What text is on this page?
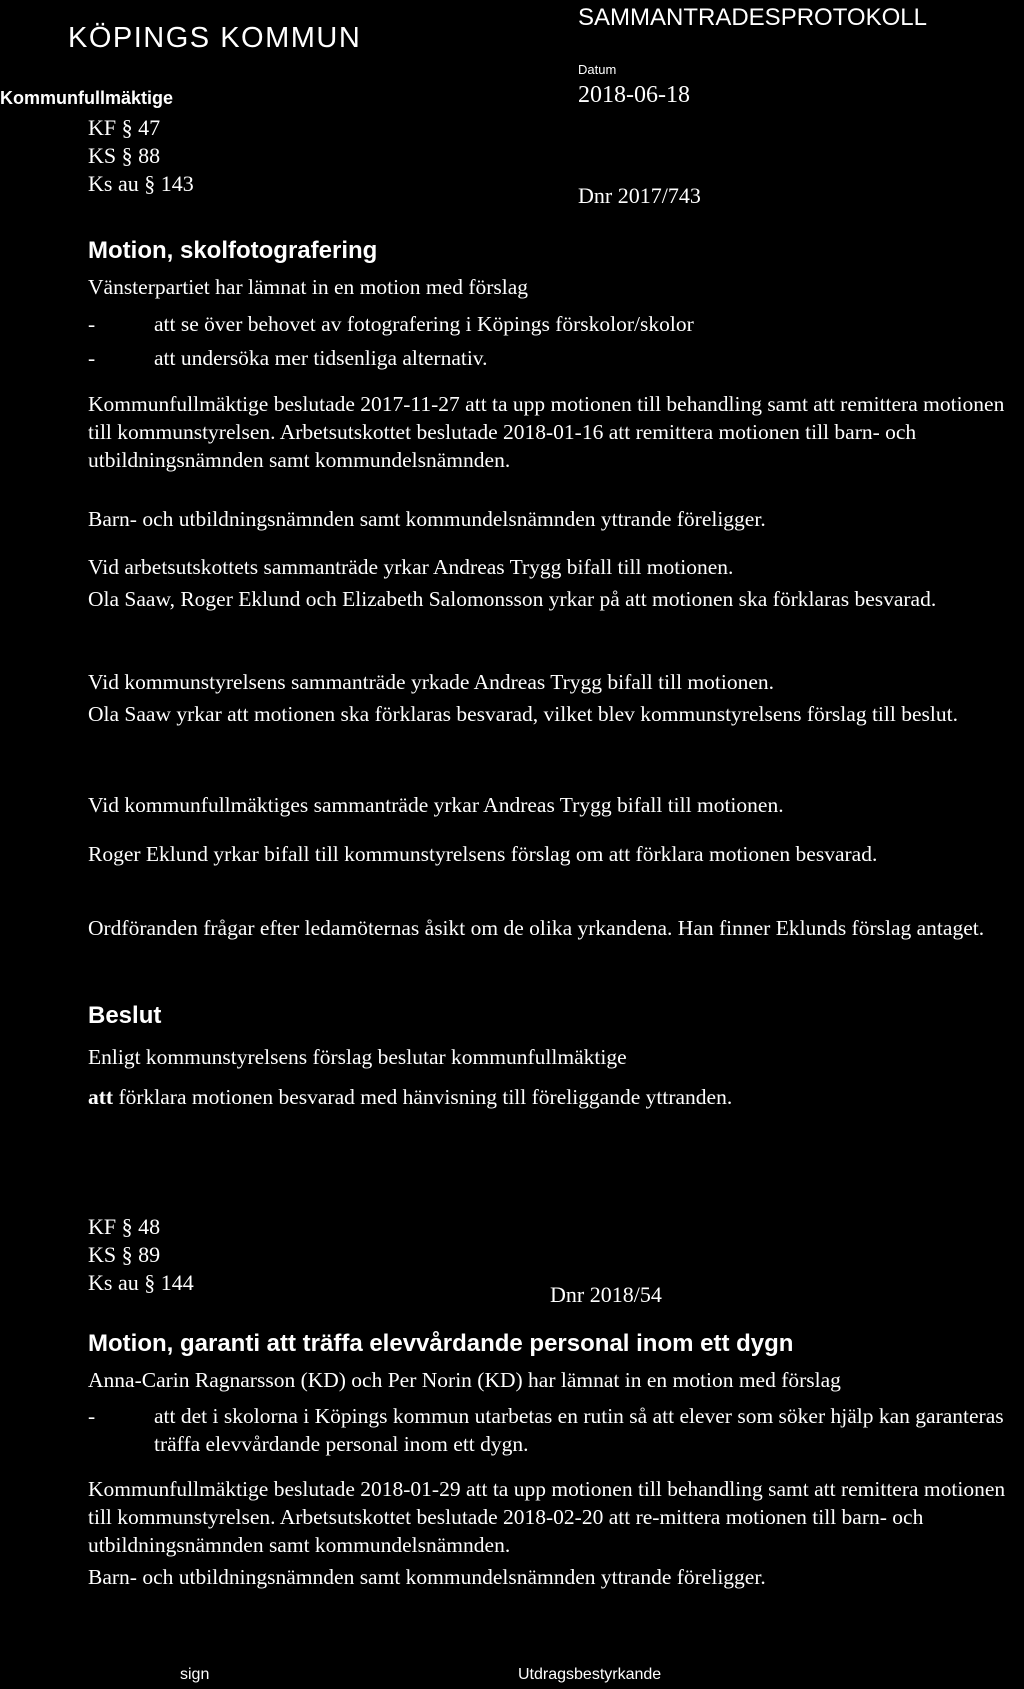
KÖPINGS KOMMUN
SAMMANTRADESPROTOKOLL
Datum
2018-06-18
Kommunfullmäktige
KF § 47
KS § 88
Ks au § 143	Dnr 2017/743
Motion, skolfotografering

Vänsterpartiet har lämnat in en motion med förslag

- att se över behovet av fotografering i Köpings förskolor/skolor
- att undersöka mer tidsenliga alternativ.

Kommunfullmäktige beslutade 2017-11-27 att ta upp motionen till behandling samt att remittera motionen till kommunstyrelsen. Arbetsutskottet beslutade 2018-01-16 att remittera motionen till barn- och utbildningsnämnden samt kommundelsnämnden.

Barn- och utbildningsnämnden samt kommundelsnämnden yttrande föreligger.

Vid arbetsutskottets sammanträde yrkar Andreas Trygg bifall till motionen.

Ola Saaw, Roger Eklund och Elizabeth Salomonsson yrkar på att motionen ska förklaras besvarad.

Vid kommunstyrelsens sammanträde yrkade Andreas Trygg bifall till motionen.

Ola Saaw yrkar att motionen ska förklaras besvarad, vilket blev kommunstyrelsens förslag till beslut.

Vid kommunfullmäktiges sammanträde yrkar Andreas Trygg bifall till motionen.

Roger Eklund yrkar bifall till kommunstyrelsens förslag om att förklara motionen besvarad.

Ordföranden frågar efter ledamöternas åsikt om de olika yrkandena. Han finner Eklunds förslag antaget.

Beslut

Enligt kommunstyrelsens förslag beslutar kommunfullmäktige

att förklara motionen besvarad med hänvisning till föreliggande yttranden.

KF § 48
KS § 89
Ks au § 144	Dnr 2018/54
Motion, garanti att träffa elevvårdande personal inom ett dygn

Anna-Carin Ragnarsson (KD) och Per Norin (KD) har lämnat in en motion med förslag

- att det i skolorna i Köpings kommun utarbetas en rutin så att elever som söker hjälp kan garanteras träffa elevvårdande personal inom ett dygn.

Kommunfullmäktige beslutade 2018-01-29 att ta upp motionen till behandling samt att remittera motionen till kommunstyrelsen. Arbetsutskottet beslutade 2018-02-20 att re-mittera motionen till barn- och utbildningsnämnden samt kommundelsnämnden.

Barn- och utbildningsnämnden samt kommundelsnämnden yttrande föreligger.

sign	Utdragsbestyrkande
